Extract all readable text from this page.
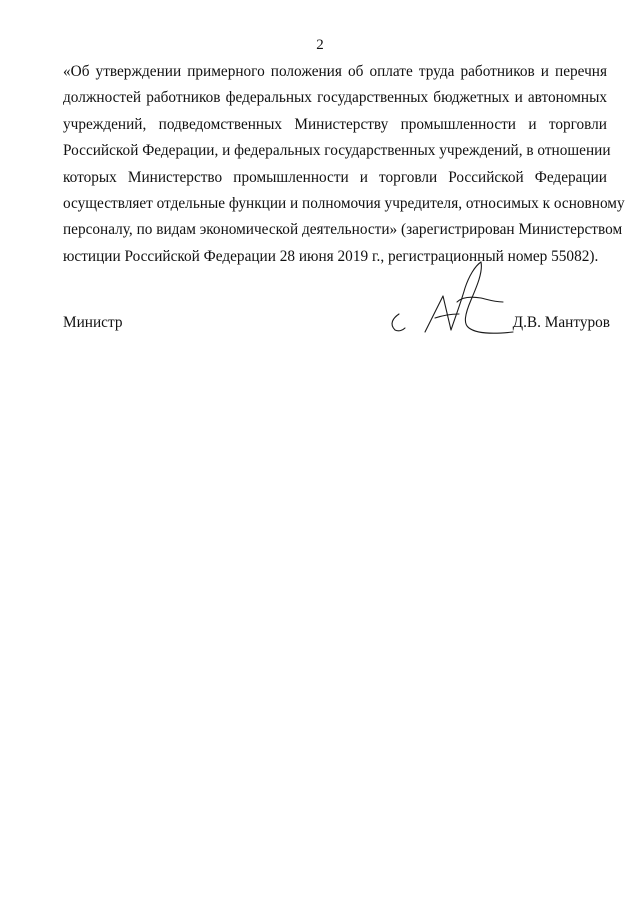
2
«Об утверждении примерного положения об оплате труда работников и перечня
должностей работников федеральных государственных бюджетных и автономных
учреждений, подведомственных Министерству промышленности и торговли
Российской Федерации, и федеральных государственных учреждений, в отношении
которых Министерство промышленности и торговли Российской Федерации
осуществляет отдельные функции и полномочия учредителя, относимых к основному
персоналу, по видам экономической деятельности» (зарегистрирован Министерством
юстиции Российской Федерации 28 июня 2019 г., регистрационный номер 55082).
Министр	Д.В. Мантуров
